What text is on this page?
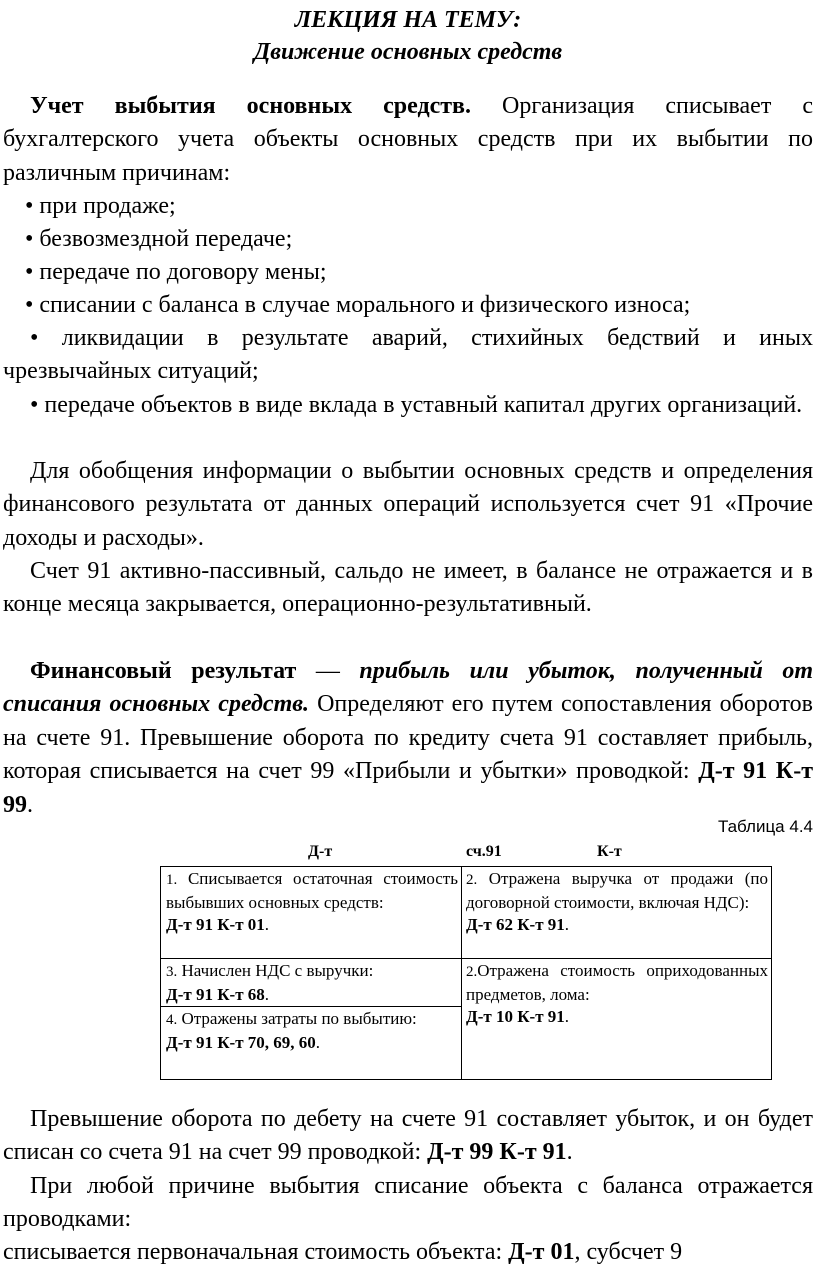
ЛЕКЦИЯ НА ТЕМУ:
Движение основных средств
Учет выбытия основных средств. Организация списывает с бухгалтерского учета объекты основных средств при их выбытии по различным причинам:
• при продаже;
• безвозмездной передаче;
• передаче по договору мены;
• списании с баланса в случае морального и физического износа;
• ликвидации в результате аварий, стихийных бедствий и иных чрезвычайных ситуаций;
• передаче объектов в виде вклада в уставный капитал других организаций.
Для обобщения информации о выбытии основных средств и определения финансового результата от данных операций используется счет 91 «Прочие доходы и расходы».
Счет 91 активно-пассивный, сальдо не имеет, в балансе не отражается и в конце месяца закрывается, операционно-результативный.
Финансовый результат — прибыль или убыток, полученный от списания основных средств. Определяют его путем сопоставления оборотов на счете 91. Превышение оборота по кредиту счета 91 составляет прибыль, которая списывается на счет 99 «Прибыли и убытки» проводкой: Д-т 91 К-т 99.
Таблица 4.4
Д-т	сч.91	К-т
1. Списывается остаточная стоимость выбывших основных средств:
Д-т 91 К-т 01.
3. Начислен НДС с выручки:
Д-т 91 К-т 68.
4. Отражены затраты по выбытию:
Д-т 91 К-т 70, 69, 60.
2. Отражена выручка от продажи (по договорной стоимости, включая НДС):
Д-т 62 К-т 91.
2.Отражена стоимость оприходованных предметов, лома:
Д-т 10 К-т 91.
Превышение оборота по дебету на счете 91 составляет убыток, и он будет списан со счета 91 на счет 99 проводкой: Д-т 99 К-т 91.
При любой причине выбытия списание объекта с баланса отражается проводками:
списывается первоначальная стоимость объекта: Д-т 01, субсчет 9
